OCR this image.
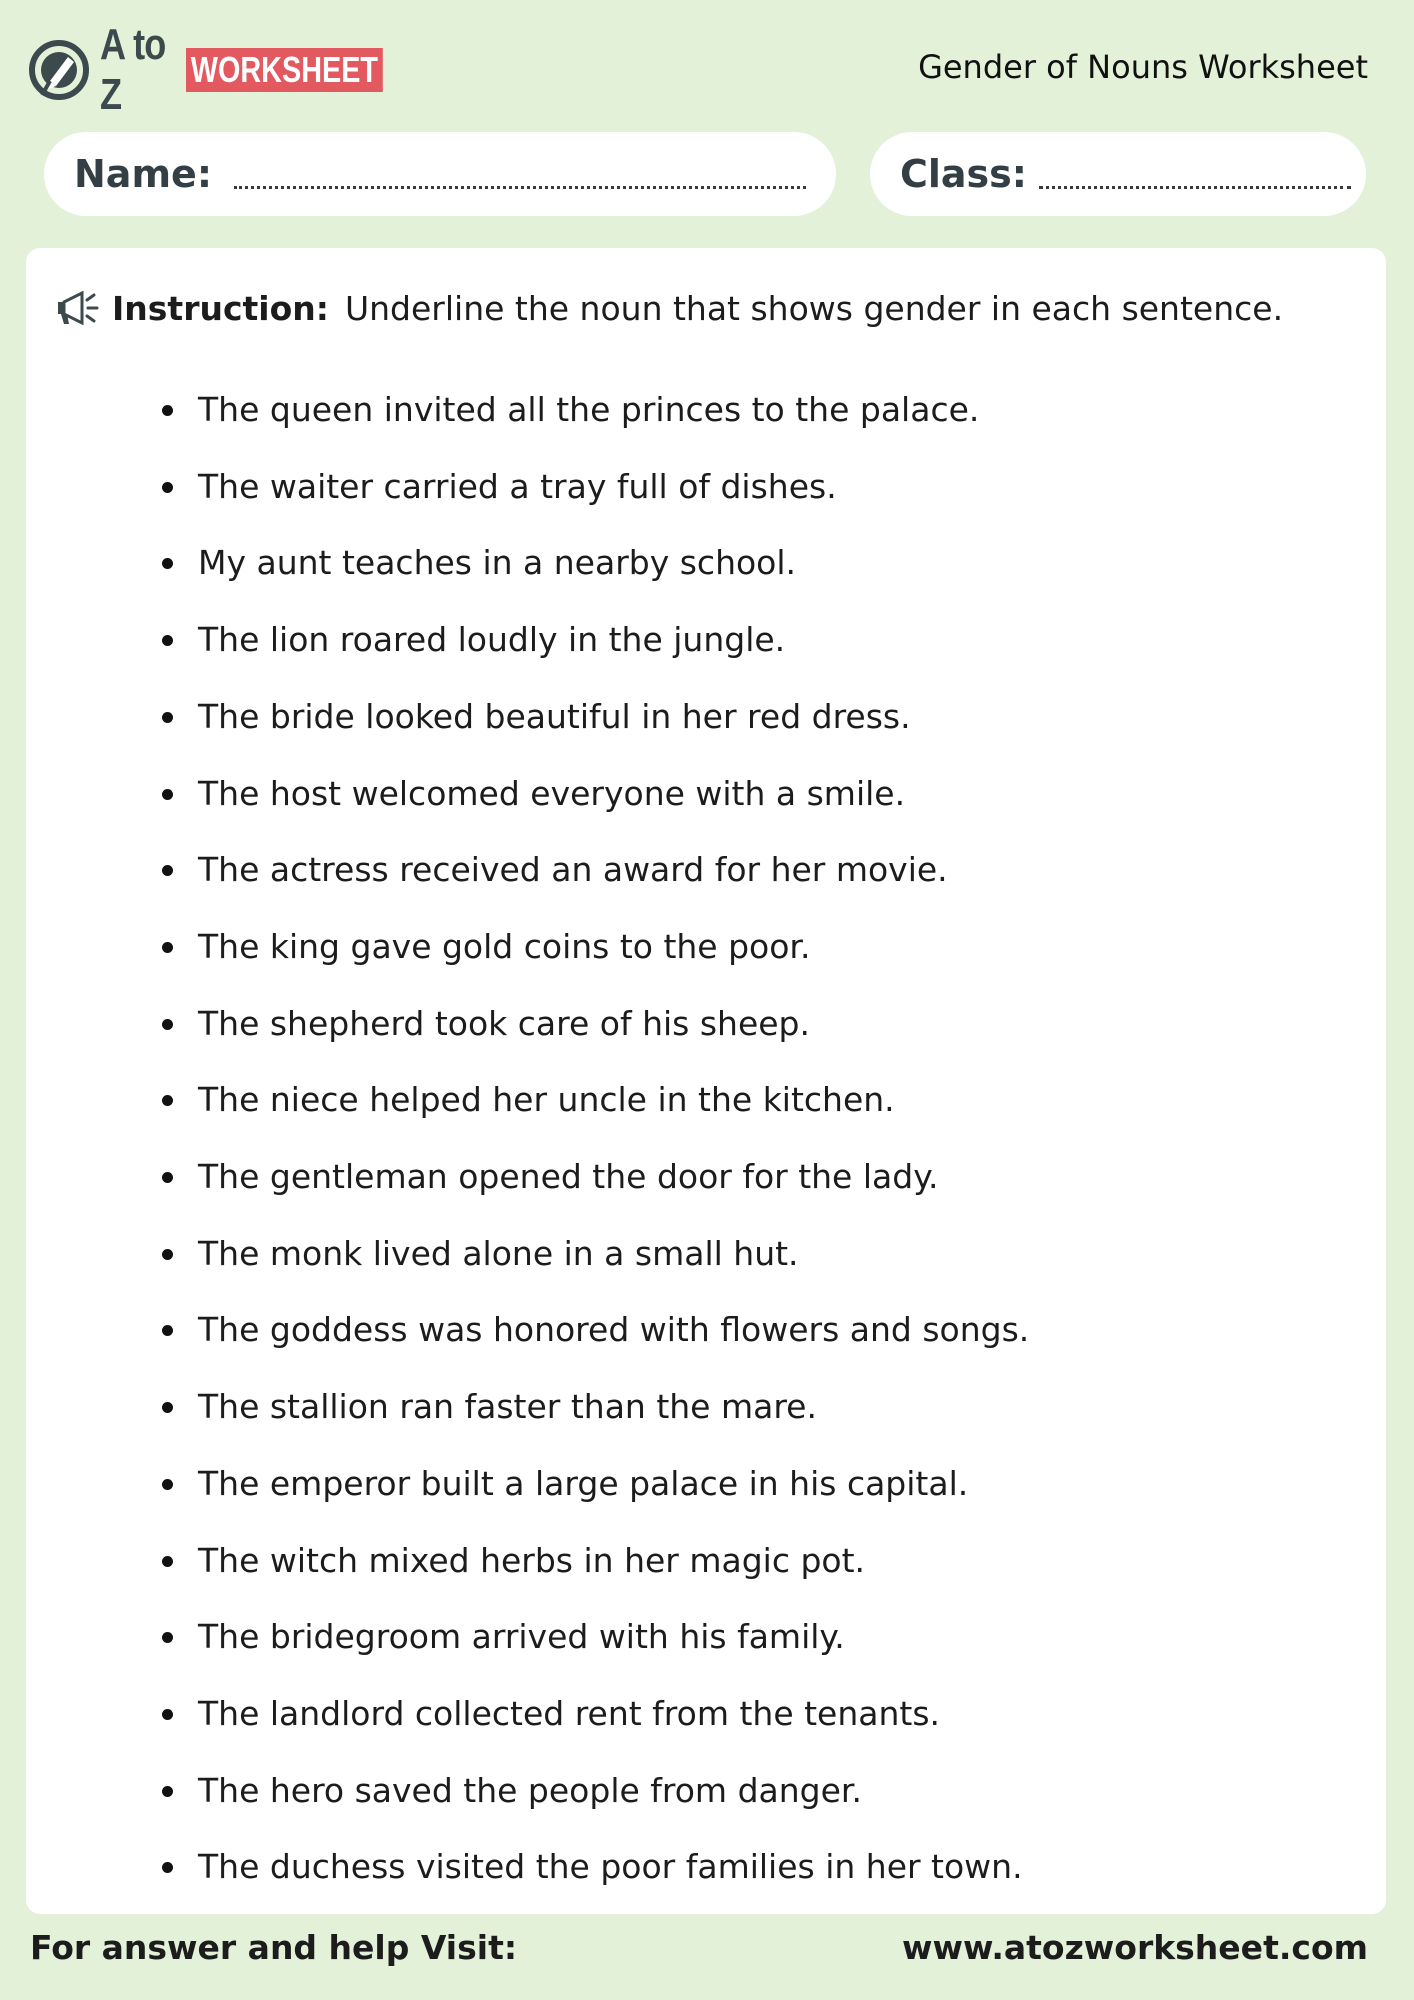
A to Z
WORKSHEET	Gender of Nouns Worksheet
Name:	Class:
Instruction: Underline the noun that shows gender in each sentence.
The queen invited all the princes to the palace.
The waiter carried a tray full of dishes.
My aunt teaches in a nearby school.
The lion roared loudly in the jungle.
The bride looked beautiful in her red dress.
The host welcomed everyone with a smile.
The actress received an award for her movie.
The king gave gold coins to the poor.
The shepherd took care of his sheep.
The niece helped her uncle in the kitchen.
The gentleman opened the door for the lady.
The monk lived alone in a small hut.
The goddess was honored with flowers and songs.
The stallion ran faster than the mare.
The emperor built a large palace in his capital.
The witch mixed herbs in her magic pot.
The bridegroom arrived with his family.
The landlord collected rent from the tenants.
The hero saved the people from danger.
The duchess visited the poor families in her town.
For answer and help Visit:	www.atozworksheet.com
